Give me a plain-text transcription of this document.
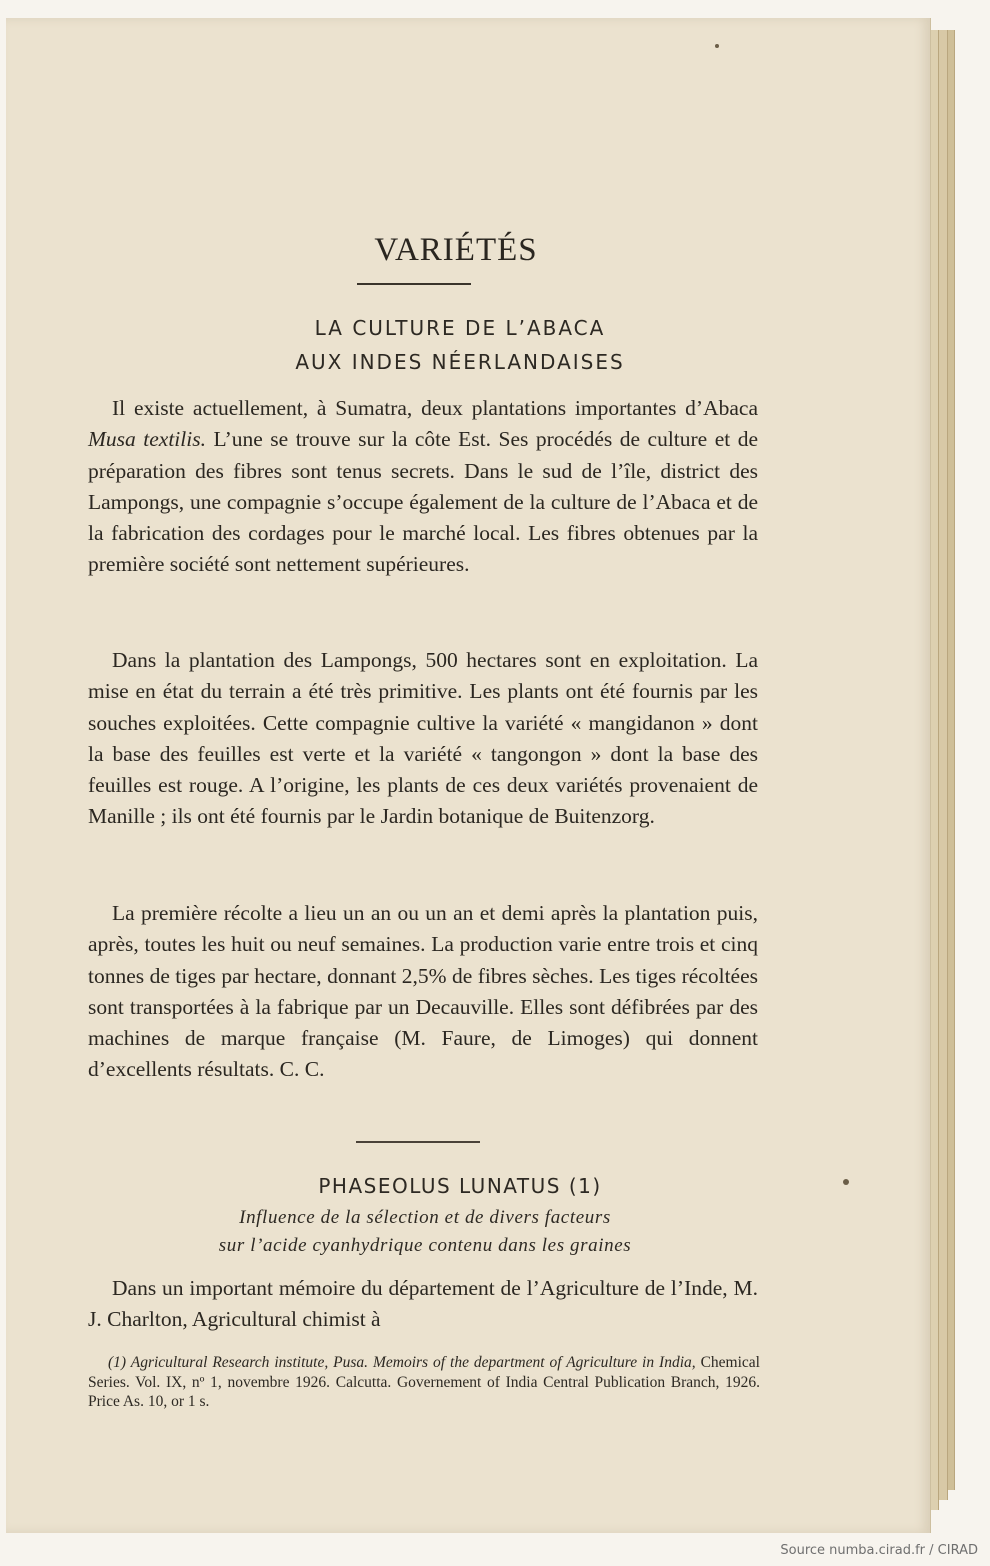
VARIÉTÉS
LA CULTURE DE L’ABACA
AUX INDES NÉERLANDAISES
Il existe actuellement, à Sumatra, deux plantations importantes d’Abaca Musa textilis. L’une se trouve sur la côte Est. Ses procédés de culture et de préparation des fibres sont tenus secrets. Dans le sud de l’île, district des Lampongs, une compagnie s’occupe également de la culture de l’Abaca et de la fabrication des cordages pour le marché local. Les fibres obtenues par la première société sont nettement supérieures.
Dans la plantation des Lampongs, 500 hectares sont en exploitation. La mise en état du terrain a été très primitive. Les plants ont été fournis par les souches exploitées. Cette compagnie cultive la variété « mangidanon » dont la base des feuilles est verte et la variété « tangongon » dont la base des feuilles est rouge. A l’origine, les plants de ces deux variétés provenaient de Manille ; ils ont été fournis par le Jardin botanique de Buitenzorg.
La première récolte a lieu un an ou un an et demi après la plantation puis, après, toutes les huit ou neuf semaines. La production varie entre trois et cinq tonnes de tiges par hectare, donnant 2,5% de fibres sèches. Les tiges récoltées sont transportées à la fabrique par un Decauville. Elles sont défibrées par des machines de marque française (M. Faure, de Limoges) qui donnent d’excellents résultats. C. C.
PHASEOLUS LUNATUS (1)
Influence de la sélection et de divers facteurs
sur l’acide cyanhydrique contenu dans les graines
Dans un important mémoire du département de l’Agriculture de l’Inde, M. J. Charlton, Agricultural chimist à
(1) Agricultural Research institute, Pusa. Memoirs of the department of Agriculture in India, Chemical Series. Vol. IX, nº 1, novembre 1926. Calcutta. Governement of India Central Publication Branch, 1926. Price As. 10, or 1 s.
Source numba.cirad.fr / CIRAD
